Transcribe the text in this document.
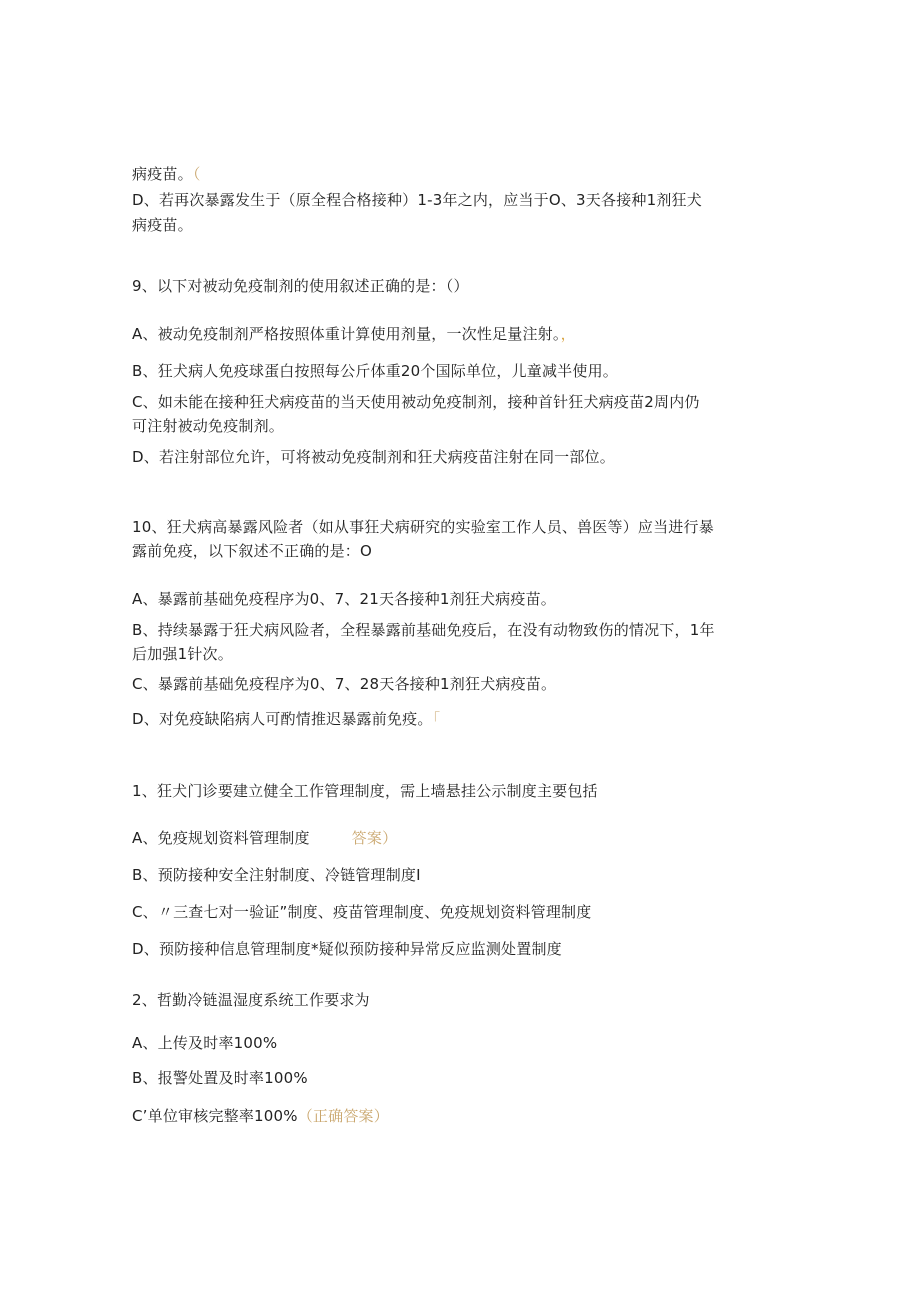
病疫苗。（
D、若再次暴露发生于（原全程合格接种）1-3年之内，应当于O、3天各接种1剂狂犬
病疫苗。
9、以下对被动免疫制剂的使用叙述正确的是：（）
A、被动免疫制剂严格按照体重计算使用剂量，一次性足量注射。，
B、狂犬病人免疫球蛋白按照每公斤体重20个国际单位，儿童减半使用。
C、如未能在接种狂犬病疫苗的当天使用被动免疫制剂，接种首针狂犬病疫苗2周内仍
可注射被动免疫制剂。
D、若注射部位允许，可将被动免疫制剂和狂犬病疫苗注射在同一部位。
10、狂犬病高暴露风险者（如从事狂犬病研究的实验室工作人员、兽医等）应当进行暴
露前免疫，以下叙述不正确的是：O
A、暴露前基础免疫程序为0、7、21天各接种1剂狂犬病疫苗。
B、持续暴露于狂犬病风险者，全程暴露前基础免疫后，在没有动物致伤的情况下，1年
后加强1针次。
C、暴露前基础免疫程序为0、7、28天各接种1剂狂犬病疫苗。
D、对免疫缺陷病人可酌情推迟暴露前免疫。「
1、狂犬门诊要建立健全工作管理制度，需上墙悬挂公示制度主要包括
A、免疫规划资料管理制度	答案）
B、预防接种安全注射制度、冷链管理制度I
C、〃三查七对一验证”制度、疫苗管理制度、免疫规划资料管理制度
D、预防接种信息管理制度*疑似预防接种异常反应监测处置制度
2、哲勤冷链温湿度系统工作要求为
A、上传及时率100%
B、报警处置及时率100%
C’单位审核完整率100%（正确答案）
